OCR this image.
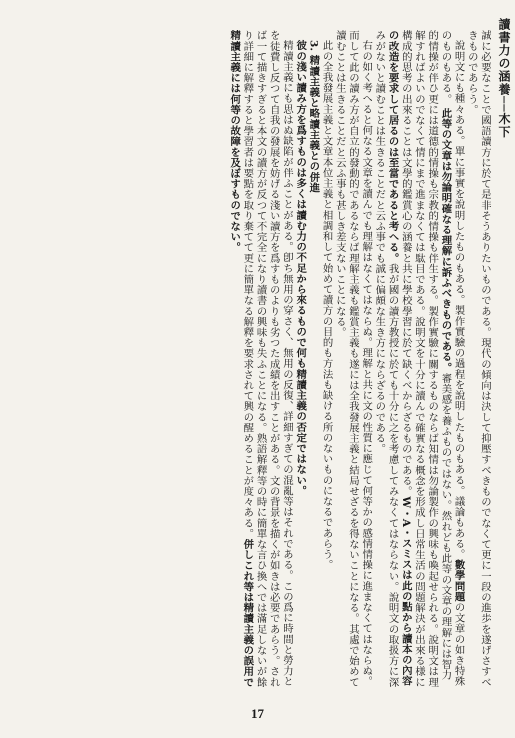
讀書力の涵養──木下

誠に必要なことで國語讀方に於て是非そうありたいものである。現代の傾向は決して抑壓すべきものでなくて更に一段の進歩を遂げさすべきものであらう。

說明文にも種々ある。單に事實を說明したものもある。製作實驗の過程を說明したものもある。議論もある。數學問題の文章の如き特殊のものもある。 此等の文章は勿論明確なる理解に訴ふべきものである。審美感を養ふものではない。然れども此等の文章の理解には智力的情操が伴ひ更には道德的情操も宗教的情操も伴生する。製作實驗に關するものならば知情は勿論製作の興味も喚起せられる。說明文は理解すればよいのでなくて情にまで進まなくては駄目である。說明文を十分に讀んで確實なる概念を形成し日常生活の問題解決が出來る様に構成的思考の出來ることは文學的鑑賞心の涵養と共に學校學習に於て缺くべからざるものである。W・A・スミスは此の點から讀本の內容の改造を要求して居るのは至當であると考へる。我が國の讀方教授に於ても十分に之を考慮してみなくてはならない。說明文の取扱方に深みがないと讀むことは生きることだと云ふ事でも誠に偏頗な生き方にならざるのである。

右の如く考へると何なる文章を讀んでも理解はなくてはならぬ。理解と共に文の性質に應じて何等かの感情情操に進まなくてはならぬ。而して此の讀み方が自立的發動的であるならば理解主義も鑑賞主義も遂には全我發展主義と結局せざるを得ないことになる。其處で始めて讀むことは生きることだと云ふ事も甚しき差支ないことになる。

此の全我發展主義と文章本位主義と相調和して始めて讀方の目的も方法も缺ける所のないものになるであらう。

3. 精讀主義と略讀主義との併進

彼の淺い讀み方を爲すものは多くは讀む力の不足から來るもので何も精讀主義の否定ではない。

精讀主義にも思はぬ缺陷が伴ふことがある。卽ち無用の穿さく、無用の反復、詳細すぎての混亂等はそれである。この爲に時間と勞力とを徒費し反つて自我の發展を妨げる淺い讀方を爲すものよりも劣つた成績を出すことがある。文の背景を描くが如きは必要であらう。されば一て描きすぎると本文の讀方が反つて不完全になり讀書の興味も失ふことになる。熟語解釋等の時に簡單な言ひ換へでは滿足しないが餘り詳細に解釋すると學習者は要點を取り棄てて更に簡單なる解釋を要求されて興の醒めることが度々ある。併しこれ等は精讀主義の誤用で精讀主義には何等の故障を及ぼすものでない。

17
